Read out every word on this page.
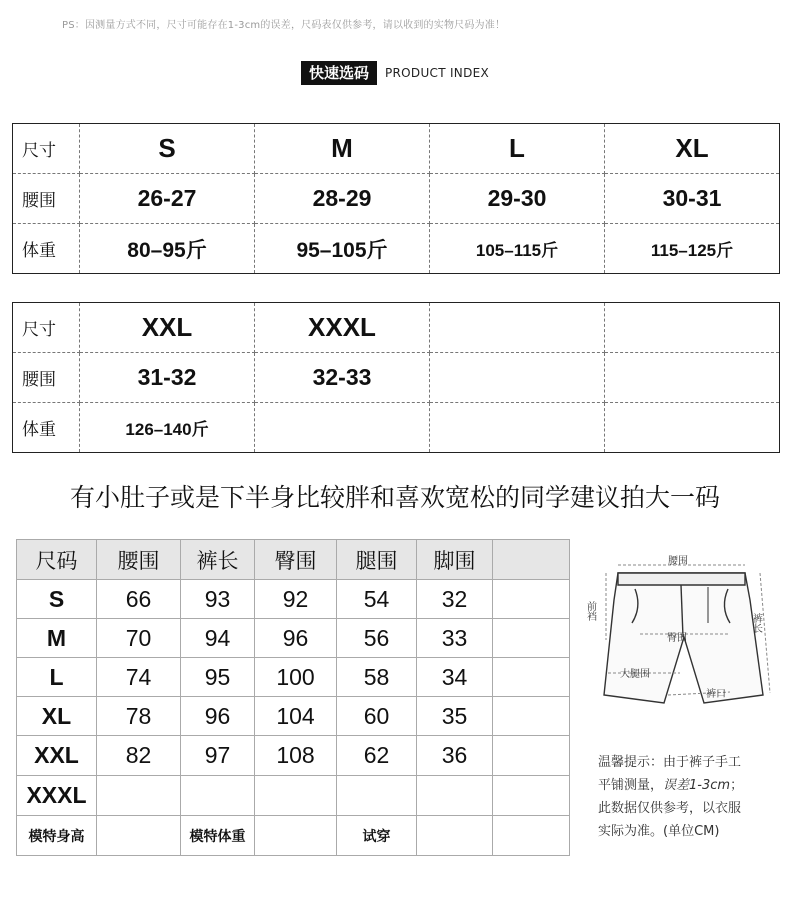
PS：因测量方式不同，尺寸可能存在1-3cm的误差，尺码表仅供参考，请以收到的实物尺码为准！
快速选码	PRODUCT INDEX
尺寸	S	M	L	XL
腰围	26-27	28-29	29-30	30-31
体重	80–95斤	95–105斤	105–115斤	115–125斤
尺寸	XXL	XXXL		
腰围	31-32	32-33		
体重	126–140斤			
有小肚子或是下半身比较胖和喜欢宽松的同学建议拍大一码
尺码	腰围	裤长	臀围	腿围	脚围	
S	66	93	92	54	32	
M	70	94	96	56	33	
L	74	95	100	58	34	
XL	78	96	104	60	35	
XXL	82	97	108	62	36	
XXXL						
模特身高		模特体重		试穿		
腰围
前裆
裤长
臀围
大腿围
裤口
温馨提示：由于裤子手工
平铺测量，误差1-3cm；
此数据仅供参考，以衣服
实际为准。(单位CM)
